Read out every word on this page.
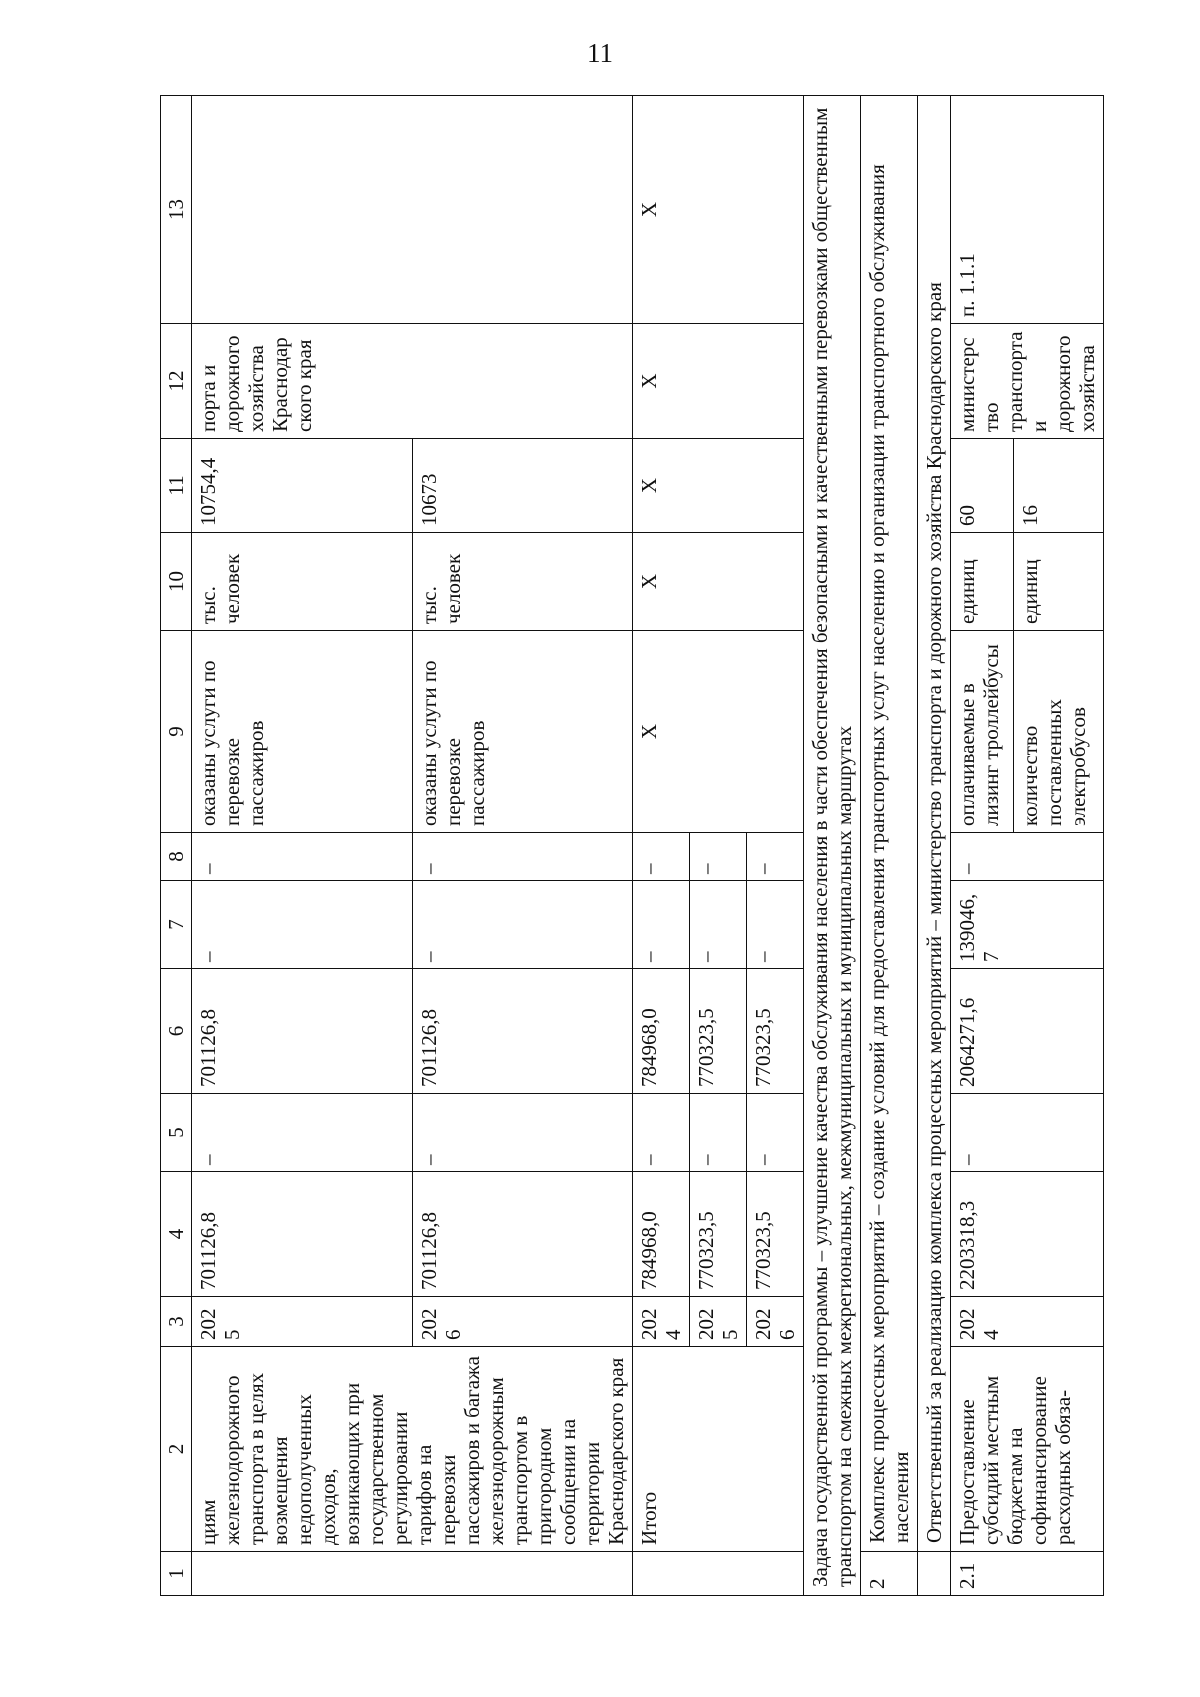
11
1	2	3	4	5	6	7	8	9	10	11	12	13
	циям железнодорожного транспорта в целях возмещения недополученных доходов, возникающих при государственном регулировании тарифов на перевозки пассажиров и багажа железнодорожным транспортом в пригородном сообщении на территории Краснодарского края	2025	701126,8	–	701126,8	–	–	оказаны услуги по перевозке пассажиров	тыс. человек	10754,4	порта и дорожного хозяйства Краснодарского края	
		2026	701126,8	–	701126,8	–	–	оказаны услуги по перевозке пассажиров	тыс. человек	10673		
	Итого	2024	784968,0	–	784968,0	–	–	Х	Х	Х	Х	Х
		2025	770323,5	–	770323,5	–	–					
		2026	770323,5	–	770323,5	–	–					
Задача государственной программы – улучшение качества обслуживания населения в части обеспечения безопасными и качественными перевозками общественным транспортом на смежных межрегиональных, межмуниципальных и муниципальных маршрутах												
2	Комплекс процессных мероприятий – создание условий для предоставления транспортных услуг населению и организации транспортного обслуживания населения											
	Ответственный за реализацию комплекса процессных мероприятий – министерство транспорта и дорожного хозяйства Краснодарского края											
2.1	Предоставление субсидий местным бюджетам на софинансирование расходных обяза-	2024	2203318,3	–	2064271,6	139046,7	–	оплачиваемые в лизинг троллейбусы	единиц	60	министерство транспорта и дорожного хозяйства	п. 1.1.1
								количество поставленных электробусов	единиц	16		
